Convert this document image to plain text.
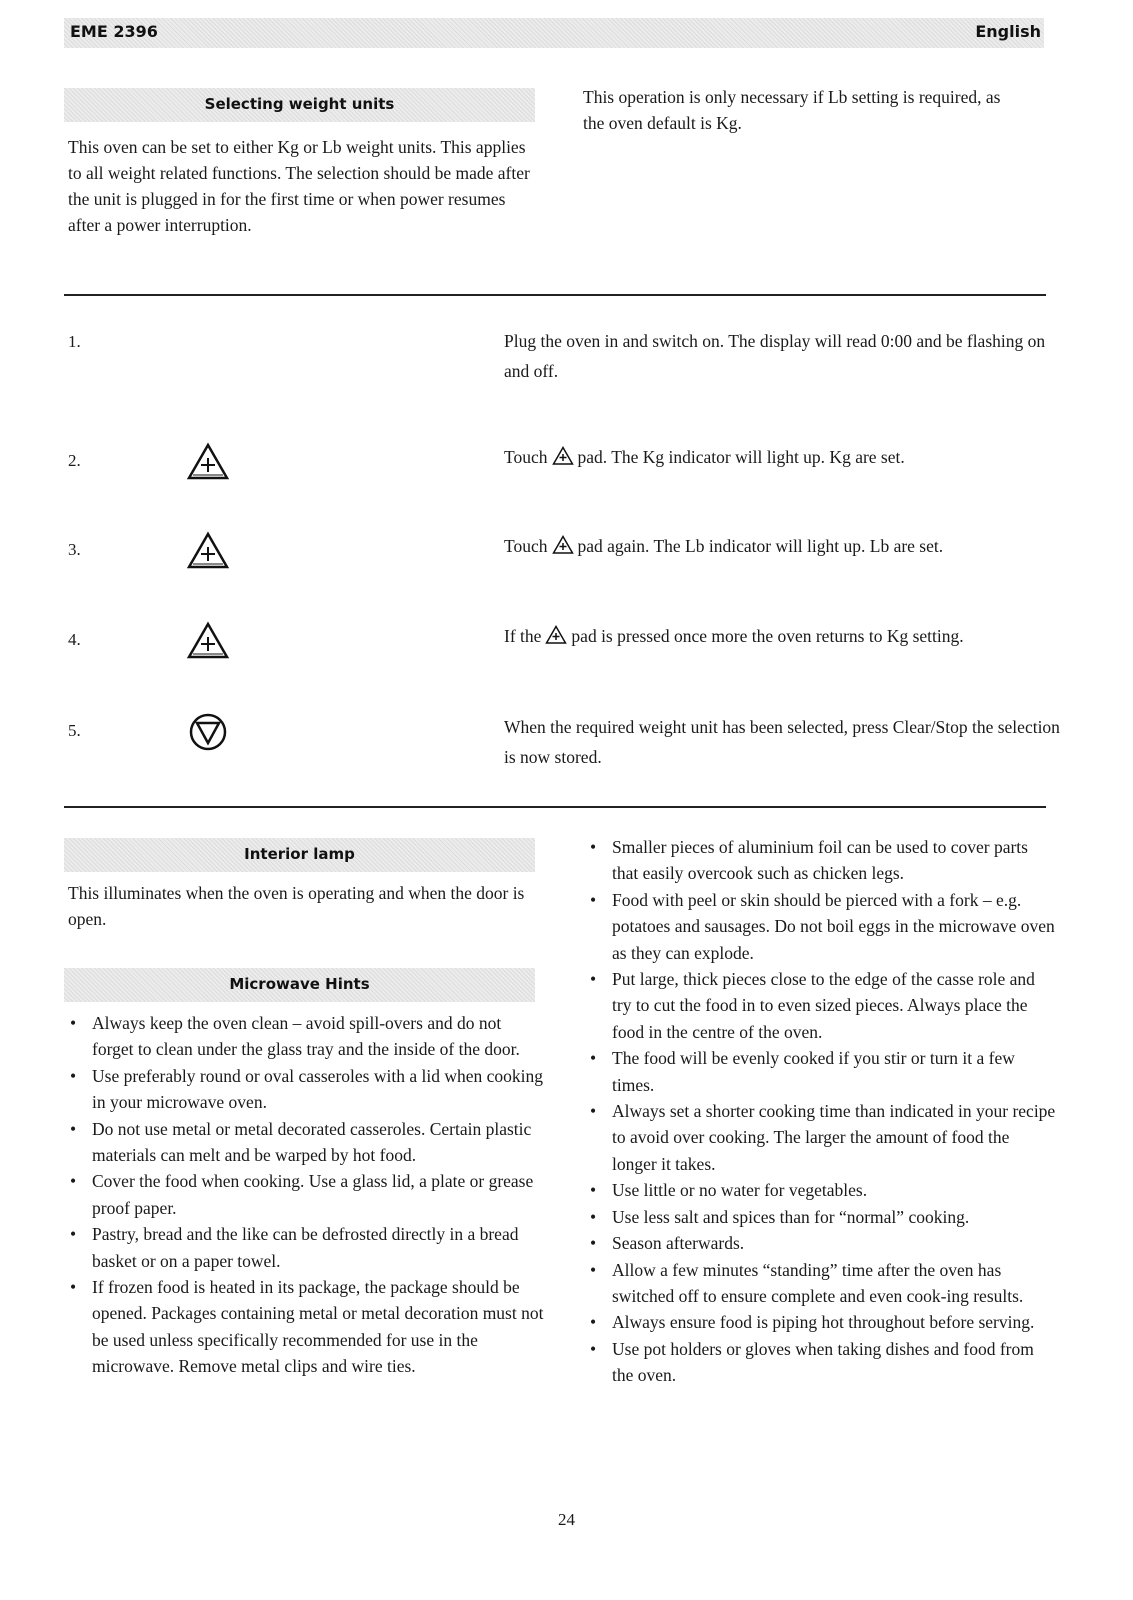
EME 2396	English
Selecting weight units
This oven can be set to either Kg or Lb weight units. This applies to all weight related functions. The selection should be made after the unit is plugged in for the first time or when power resumes after a power interruption.
This operation is only necessary if Lb setting is required, as the oven default is Kg.
1.	Plug the oven in and switch on. The display will read 0:00 and be flashing on and off.
2.	Touch pad. The Kg indicator will light up. Kg are set.
3.	Touch pad again. The Lb indicator will light up. Lb are set.
4.	If the pad is pressed once more the oven returns to Kg setting.
5.	When the required weight unit has been selected, press Clear/Stop the selection is now stored.
Interior lamp
This illuminates when the oven is operating and when the door is open.
Microwave Hints
• Always keep the oven clean – avoid spill-overs and do not forget to clean under the glass tray and the inside of the door.
• Use preferably round or oval casseroles with a lid when cooking in your microwave oven.
• Do not use metal or metal decorated casseroles. Certain plastic materials can melt and be warped by hot food.
• Cover the food when cooking. Use a glass lid, a plate or grease proof paper.
• Pastry, bread and the like can be defrosted directly in a bread basket or on a paper towel.
• If frozen food is heated in its package, the package should be opened. Packages containing metal or metal decoration must not be used unless specifically recommended for use in the microwave. Remove metal clips and wire ties.
• Smaller pieces of aluminium foil can be used to cover parts that easily overcook such as chicken legs.
• Food with peel or skin should be pierced with a fork – e.g. potatoes and sausages. Do not boil eggs in the microwave oven as they can explode.
• Put large, thick pieces close to the edge of the casse role and try to cut the food in to even sized pieces. Always place the food in the centre of the oven.
• The food will be evenly cooked if you stir or turn it a few times.
• Always set a shorter cooking time than indicated in your recipe to avoid over cooking. The larger the amount of food the longer it takes.
• Use little or no water for vegetables.
• Use less salt and spices than for “normal” cooking.
• Season afterwards.
• Allow a few minutes “standing” time after the oven has switched off to ensure complete and even cook-ing results.
• Always ensure food is piping hot throughout before serving.
• Use pot holders or gloves when taking dishes and food from the oven.
24
